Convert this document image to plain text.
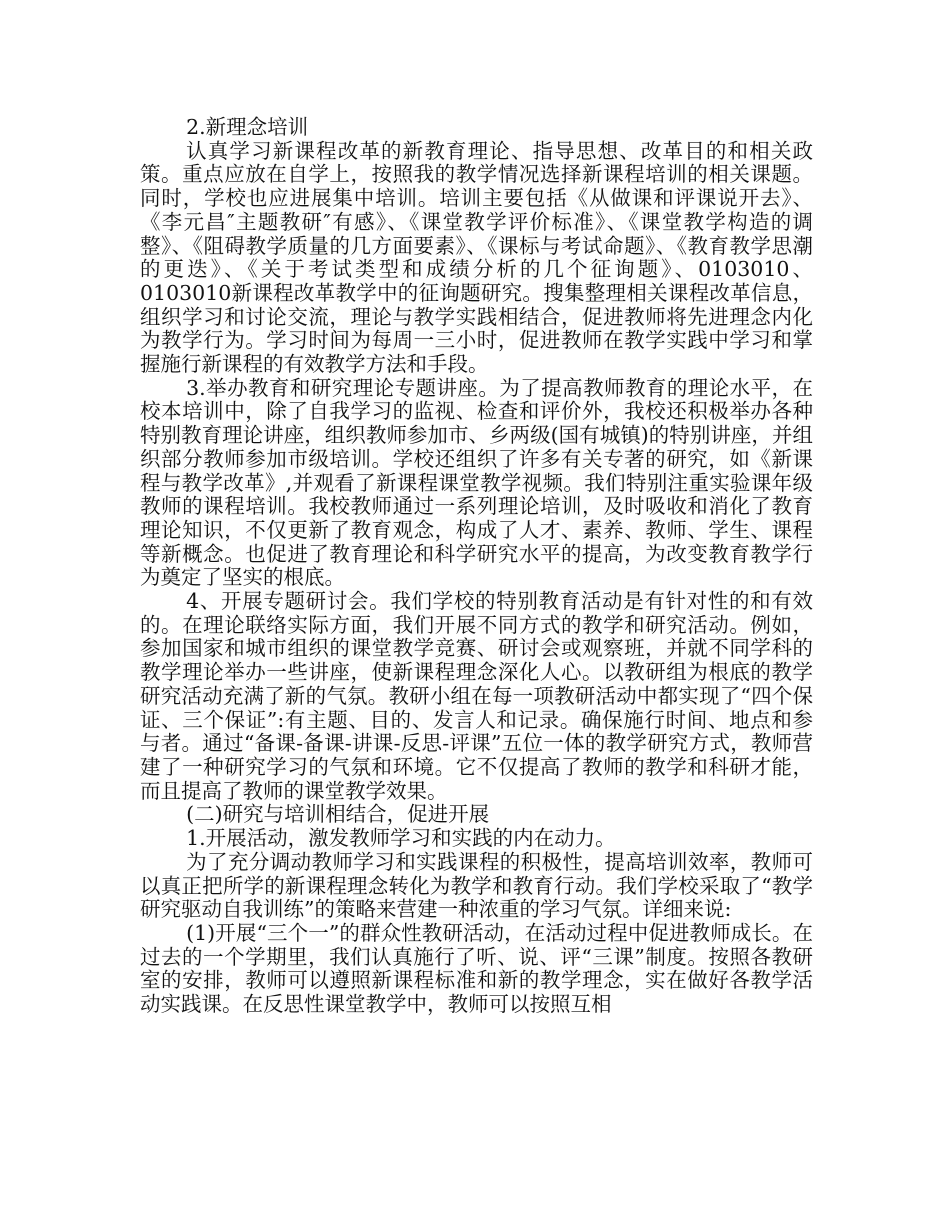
2.新理念培训

认真学习新课程改革的新教育理论、指导思想、改革目的和相关政策。重点应放在自学上，按照我的教学情况选择新课程培训的相关课题。同时，学校也应进展集中培训。培训主要包括《从做课和评课说开去》、《李元昌″主题教研″有感》、《课堂教学评价标准》、《课堂教学构造的调整》、《阻碍教学质量的几方面要素》、《课标与考试命题》、《教育教学思潮的更迭》、《关于考试类型和成绩分析的几个征询题》、0103010、0103010新课程改革教学中的征询题研究。搜集整理相关课程改革信息，组织学习和讨论交流，理论与教学实践相结合，促进教师将先进理念内化为教学行为。学习时间为每周一三小时，促进教师在教学实践中学习和掌握施行新课程的有效教学方法和手段。

3.举办教育和研究理论专题讲座。为了提高教师教育的理论水平，在校本培训中，除了自我学习的监视、检查和评价外，我校还积极举办各种特别教育理论讲座，组织教师参加市、乡两级(国有城镇)的特别讲座，并组织部分教师参加市级培训。学校还组织了许多有关专著的研究，如《新课程与教学改革》,并观看了新课程课堂教学视频。我们特别注重实验课年级教师的课程培训。我校教师通过一系列理论培训，及时吸收和消化了教育理论知识，不仅更新了教育观念，构成了人才、素养、教师、学生、课程等新概念。也促进了教育理论和科学研究水平的提高，为改变教育教学行为奠定了坚实的根底。

4、开展专题研讨会。我们学校的特别教育活动是有针对性的和有效的。在理论联络实际方面，我们开展不同方式的教学和研究活动。例如，参加国家和城市组织的课堂教学竞赛、研讨会或观察班，并就不同学科的教学理论举办一些讲座，使新课程理念深化人心。以教研组为根底的教学研究活动充满了新的气氛。教研小组在每一项教研活动中都实现了“四个保证、三个保证”:有主题、目的、发言人和记录。确保施行时间、地点和参与者。通过“备课-备课-讲课-反思-评课”五位一体的教学研究方式，教师营建了一种研究学习的气氛和环境。它不仅提高了教师的教学和科研才能，而且提高了教师的课堂教学效果。

(二)研究与培训相结合，促进开展

1.开展活动，激发教师学习和实践的内在动力。

为了充分调动教师学习和实践课程的积极性，提高培训效率，教师可以真正把所学的新课程理念转化为教学和教育行动。我们学校采取了“教学研究驱动自我训练”的策略来营建一种浓重的学习气氛。详细来说:

(1)开展“三个一”的群众性教研活动，在活动过程中促进教师成长。在过去的一个学期里，我们认真施行了听、说、评“三课”制度。按照各教研室的安排，教师可以遵照新课程标准和新的教学理念，实在做好各教学活动实践课。在反思性课堂教学中，教师可以按照互相
